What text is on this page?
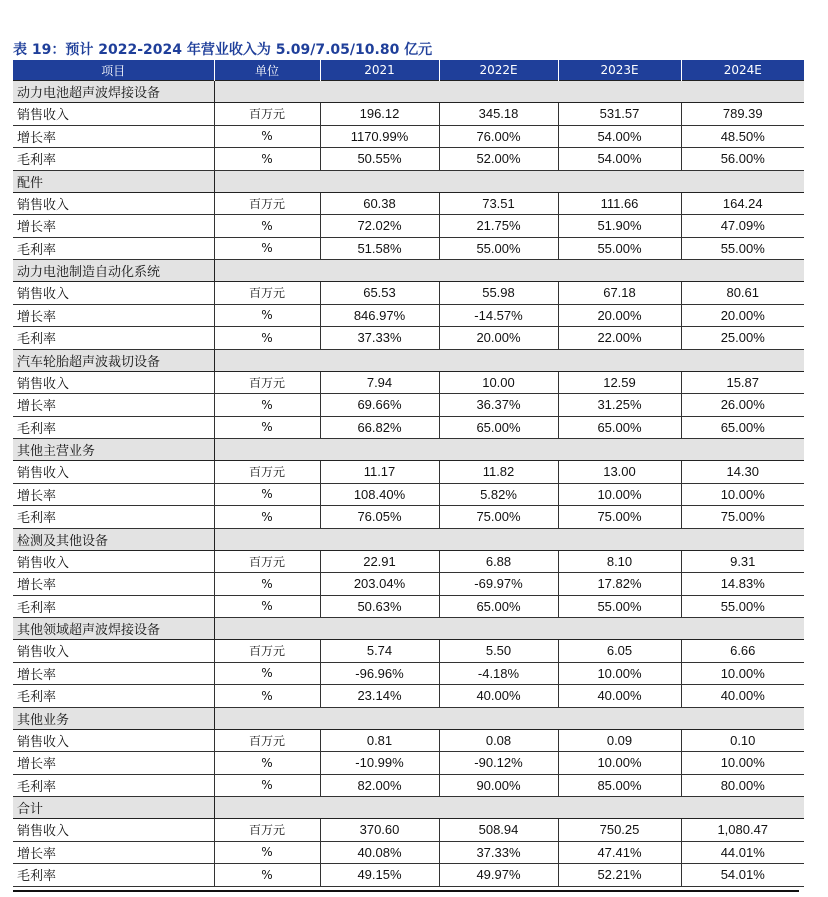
表 19：预计 2022-2024 年营业收入为 5.09/7.05/10.80 亿元
项目	单位	2021	2022E	2023E	2024E
动力电池超声波焊接设备					
销售收入	百万元	196.12	345.18	531.57	789.39
增长率	%	1170.99%	76.00%	54.00%	48.50%
毛利率	%	50.55%	52.00%	54.00%	56.00%
配件					
销售收入	百万元	60.38	73.51	111.66	164.24
增长率	%	72.02%	21.75%	51.90%	47.09%
毛利率	%	51.58%	55.00%	55.00%	55.00%
动力电池制造自动化系统					
销售收入	百万元	65.53	55.98	67.18	80.61
增长率	%	846.97%	-14.57%	20.00%	20.00%
毛利率	%	37.33%	20.00%	22.00%	25.00%
汽车轮胎超声波裁切设备					
销售收入	百万元	7.94	10.00	12.59	15.87
增长率	%	69.66%	36.37%	31.25%	26.00%
毛利率	%	66.82%	65.00%	65.00%	65.00%
其他主营业务					
销售收入	百万元	11.17	11.82	13.00	14.30
增长率	%	108.40%	5.82%	10.00%	10.00%
毛利率	%	76.05%	75.00%	75.00%	75.00%
检测及其他设备					
销售收入	百万元	22.91	6.88	8.10	9.31
增长率	%	203.04%	-69.97%	17.82%	14.83%
毛利率	%	50.63%	65.00%	55.00%	55.00%
其他领域超声波焊接设备					
销售收入	百万元	5.74	5.50	6.05	6.66
增长率	%	-96.96%	-4.18%	10.00%	10.00%
毛利率	%	23.14%	40.00%	40.00%	40.00%
其他业务					
销售收入	百万元	0.81	0.08	0.09	0.10
增长率	%	-10.99%	-90.12%	10.00%	10.00%
毛利率	%	82.00%	90.00%	85.00%	80.00%
合计					
销售收入	百万元	370.60	508.94	750.25	1,080.47
增长率	%	40.08%	37.33%	47.41%	44.01%
毛利率	%	49.15%	49.97%	52.21%	54.01%
